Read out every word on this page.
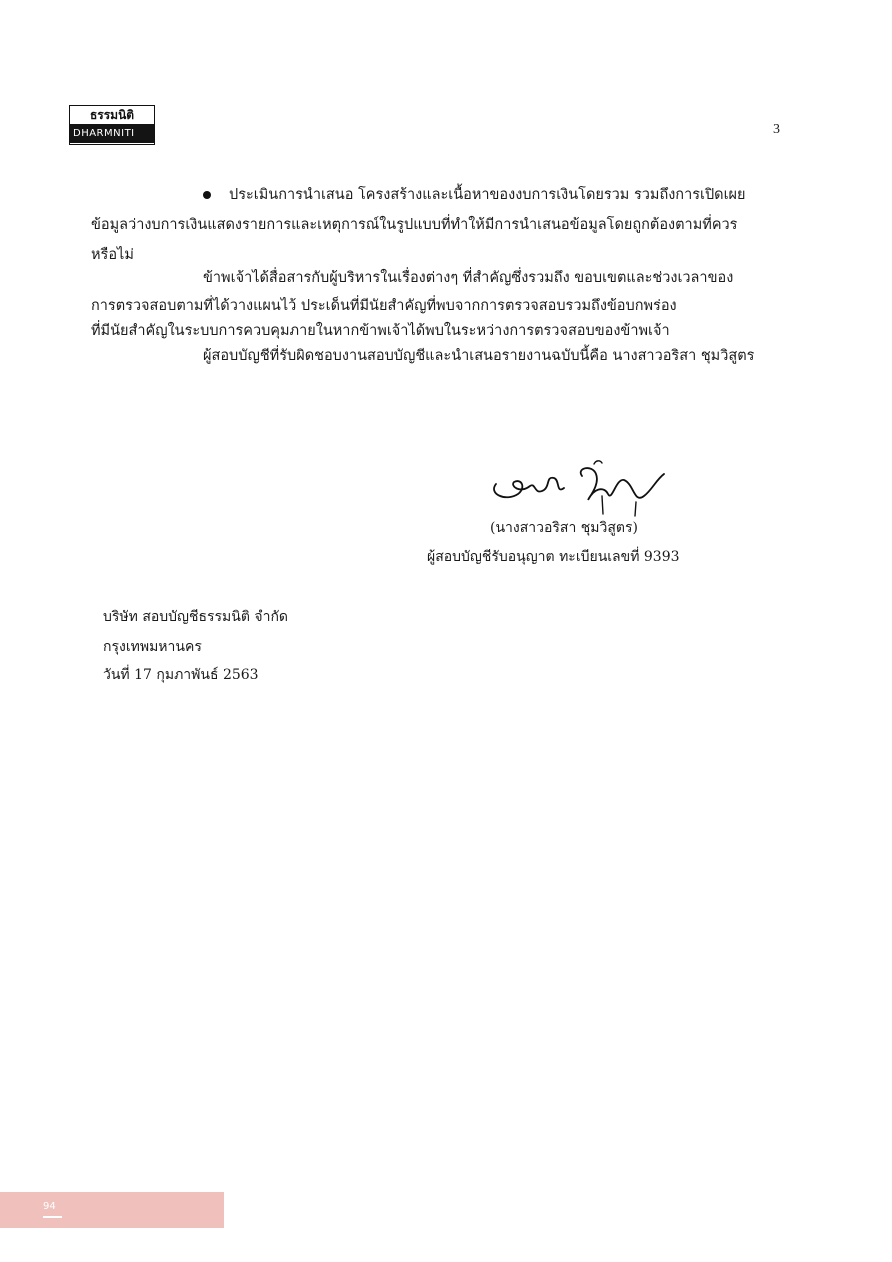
ธรรมนิติ
DHARMNITI	3
ประเมินการนำเสนอ โครงสร้างและเนื้อหาของงบการเงินโดยรวม รวมถึงการเปิดเผย
ข้อมูลว่างบการเงินแสดงรายการและเหตุการณ์ในรูปแบบที่ทำให้มีการนำเสนอข้อมูลโดยถูกต้องตามที่ควร
หรือไม่
ข้าพเจ้าได้สื่อสารกับผู้บริหารในเรื่องต่างๆ ที่สำคัญซึ่งรวมถึง ขอบเขตและช่วงเวลาของ
การตรวจสอบตามที่ได้วางแผนไว้ ประเด็นที่มีนัยสำคัญที่พบจากการตรวจสอบรวมถึงข้อบกพร่อง
ที่มีนัยสำคัญในระบบการควบคุมภายในหากข้าพเจ้าได้พบในระหว่างการตรวจสอบของข้าพเจ้า
ผู้สอบบัญชีที่รับผิดชอบงานสอบบัญชีและนำเสนอรายงานฉบับนี้คือ นางสาวอริสา ชุมวิสูตร
(นางสาวอริสา ชุมวิสูตร)
ผู้สอบบัญชีรับอนุญาต ทะเบียนเลขที่ 9393
บริษัท สอบบัญชีธรรมนิติ จำกัด
กรุงเทพมหานคร
วันที่ 17 กุมภาพันธ์ 2563
94
